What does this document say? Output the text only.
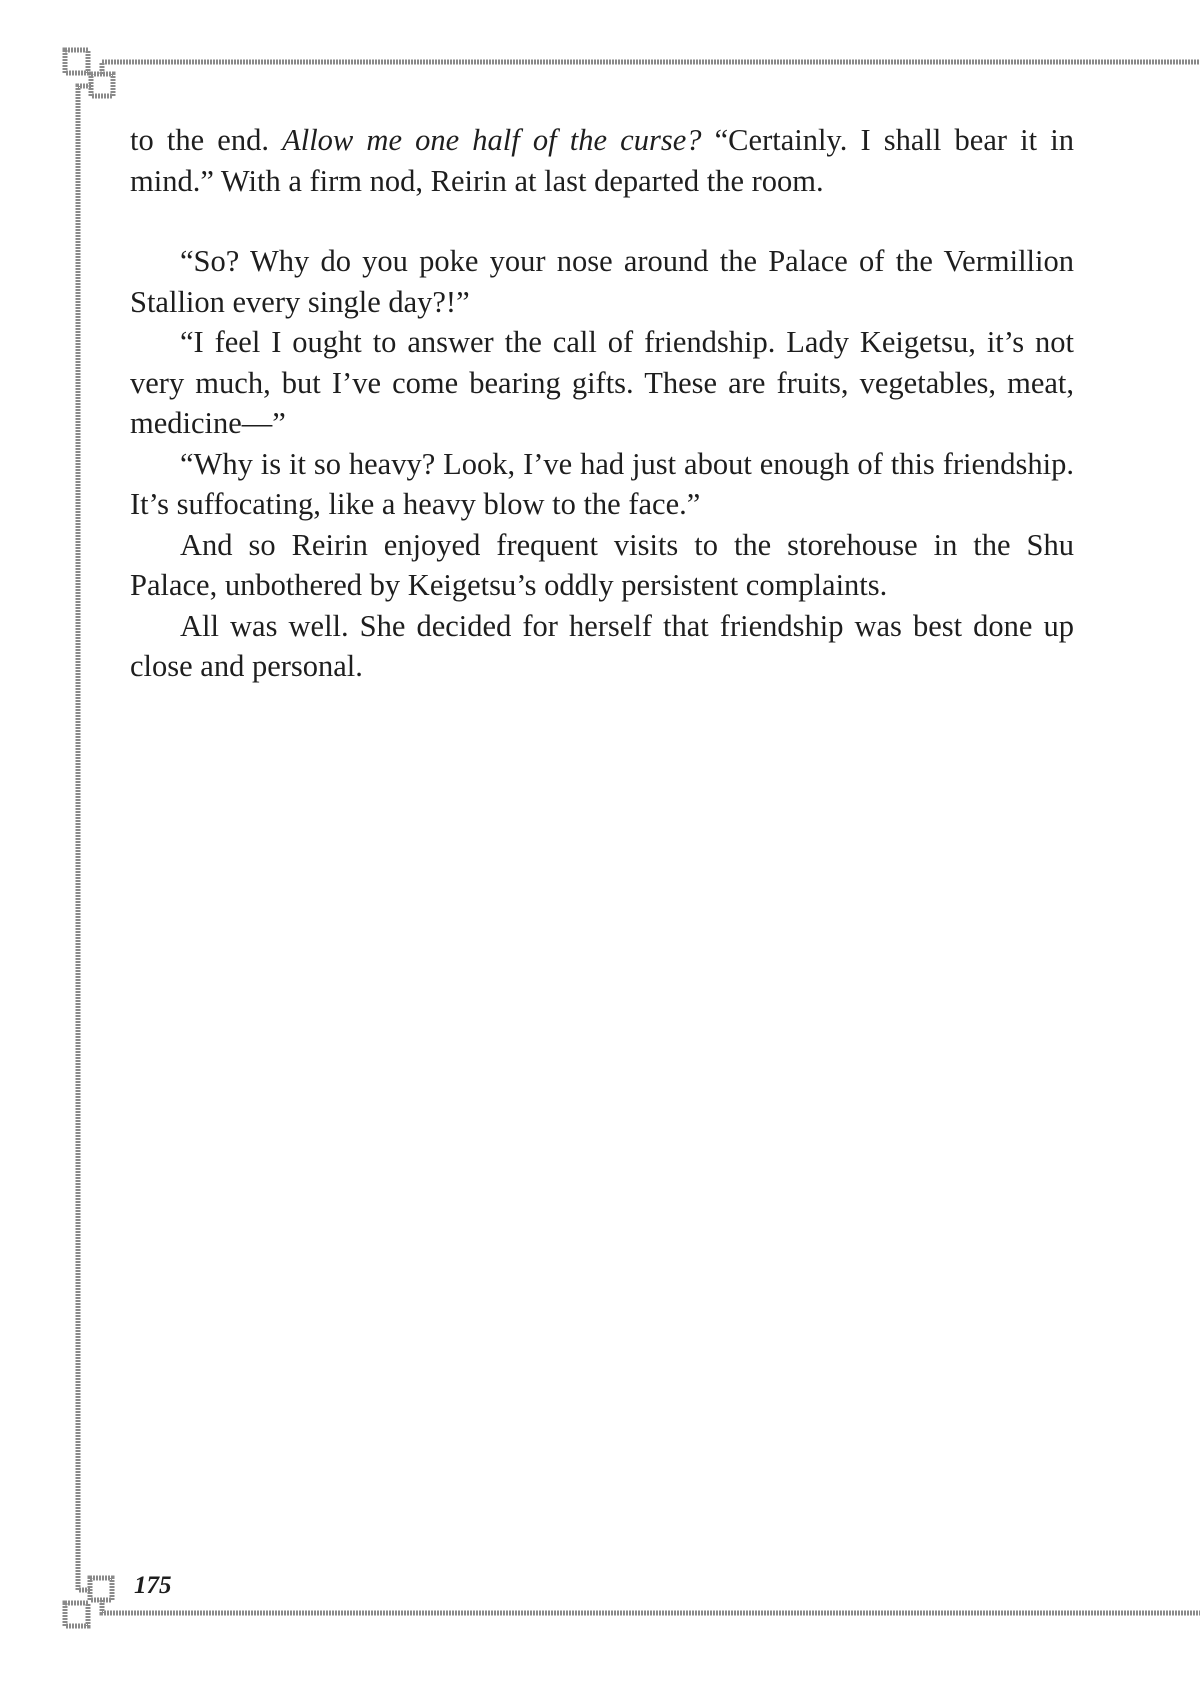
to the end. Allow me one half of the curse? “Certainly. I shall bear it in mind.” With a firm nod, Reirin at last departed the room.

“So? Why do you poke your nose around the Palace of the Vermillion Stallion every single day?!”

“I feel I ought to answer the call of friendship. Lady Keigetsu, it’s not very much, but I’ve come bearing gifts. These are fruits, vegetables, meat, medicine—”

“Why is it so heavy? Look, I’ve had just about enough of this friendship. It’s suffocating, like a heavy blow to the face.”

And so Reirin enjoyed frequent visits to the storehouse in the Shu Palace, unbothered by Keigetsu’s oddly persistent complaints.

All was well. She decided for herself that friendship was best done up close and personal.

175
